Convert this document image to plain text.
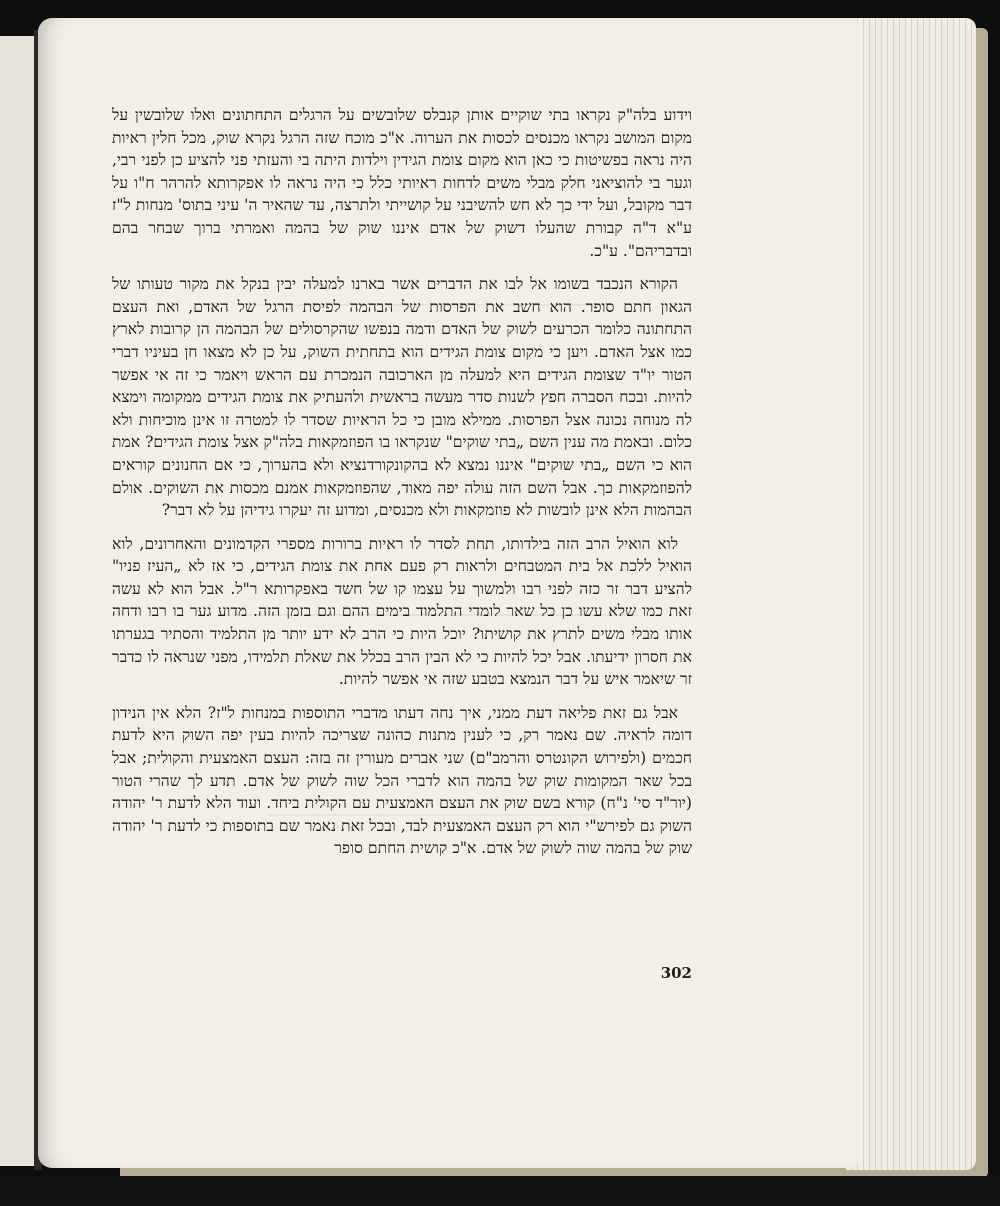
וידוע בלה"ק נקראו בתי שוקיים אותן קנבלס שלובשים על הרגלים התחתונים ואלו שלובשין על מקום המושב נקראו מכנסים לכסות את הערוה. א"כ מוכח שזה הרגל נקרא שוק, מכל חלין ראיות היה נראה בפשיטות כי כאן הוא מקום צומת הגידין וילדות היתה בי והעזתי פני להציע כן לפני רבי, וגער בי להוציאני חלק מבלי משים לדחות ראיותי כלל כי היה נראה לו אפקרותא להרהר ח"ו על דבר מקובל, ועל ידי כך לא חש להשיבני על קושייתי ולתרצה, עד שהאיר ה' עיני בתוס' מנחות ל"ז ע"א ד"ה קבורת שהעלו דשוק של אדם איננו שוק של בהמה ואמרתי ברוך שבחר בהם ובדבריהם". ע"כ.

הקורא הנכבד בשומו אל לבו את הדברים אשר בארנו למעלה יבין בנקל את מקור טעותו של הגאון חתם סופר. הוא חשב את הפרסות של הבהמה לפיסת הרגל של האדם, ואת העצם התחתונה כלומר הכרעים לשוק של האדם ודמה בנפשו שהקרסולים של הבהמה הן קרובות לארץ כמו אצל האדם. ויען כי מקום צומת הגידים הוא בתחתית השוק, על כן לא מצאו חן בעיניו דברי הטור יו"ד שצומת הגידים היא למעלה מן הארכובה הנמכרת עם הראש ויאמר כי זה אי אפשר להיות. ובכח הסברה חפץ לשנות סדר מעשה בראשית ולהעתיק את צומת הגידים ממקומה וימצא לה מנוחה נכונה אצל הפרסות. ממילא מובן כי כל הראיות שסדר לו למטרה זו אינן מוכיחות ולא כלום. ובאמת מה ענין השם „בתי שוקים" שנקראו בו הפוזמקאות בלה"ק אצל צומת הגידים? אמת הוא כי השם „בתי שוקים" איננו נמצא לא בהקונקורדנציא ולא בהערוך, כי אם החנונים קוראים להפוזמקאות כך. אבל השם הזה עולה יפה מאוד, שהפוזמקאות אמנם מכסות את השוקים. אולם הבהמות הלא אינן לובשות לא פוזמקאות ולא מכנסים, ומדוע זה יעקרו גידיהן על לא דבר?

לוא הואיל הרב הזה בילדותו, תחת לסדר לו ראיות ברורות מספרי הקדמונים והאחרונים, לוא הואיל ללכת אל בית המטבחים ולראות רק פעם אחת את צומת הגידים, כי אז לא „העיז פניו" להציע דבר זר כזה לפני רבו ולמשוך על עצמו קו של חשד באפקרותא ר"ל. אבל הוא לא עשה זאת כמו שלא עשו כן כל שאר לומדי התלמוד בימים ההם וגם בזמן הזה. מדוע גער בו רבו ודחה אותו מבלי משים לתרץ את קושיתו? יוכל היות כי הרב לא ידע יותר מן התלמיד והסתיר בגערתו את חסרון ידיעתו. אבל יכל להיות כי לא הבין הרב בכלל את שאלת תלמידו, מפני שנראה לו כדבר זר שיאמר איש על דבר הנמצא בטבע שזה אי אפשר להיות.

אבל גם זאת פליאה דעת ממני, איך נחה דעתו מדברי התוספות במנחות ל"ז? הלא אין הנידון דומה לראיה. שם נאמר רק, כי לענין מתנות כהונה שצריכה להיות בעין יפה השוק היא לדעת חכמים (ולפירוש הקונטרס והרמב"ם) שני אברים מעורין זה בזה: העצם האמצעית והקולית; אבל בכל שאר המקומות שוק של בהמה הוא לדברי הכל שוה לשוק של אדם. תדע לך שהרי הטור (יור"ד סי' נ"ח) קורא בשם שוק את העצם האמצעית עם הקולית ביחד. ועוד הלא לדעת ר' יהודה השוק גם לפירש"י הוא רק העצם האמצעית לבד, ובכל זאת נאמר שם בתוספות כי לדעת ר' יהודה שוק של בהמה שוה לשוק של אדם. א"כ קושית החתם סופר

302
